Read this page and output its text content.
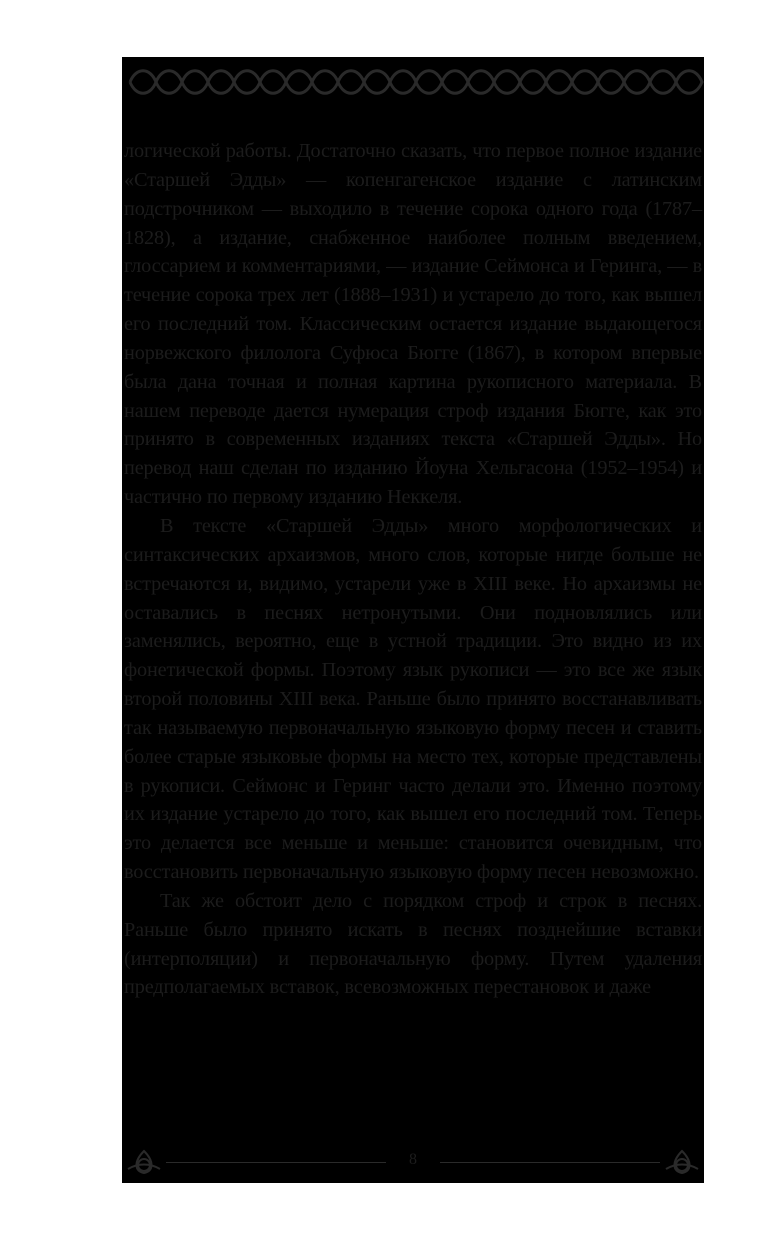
логической работы. Достаточно сказать, что первое полное издание «Старшей Эдды» — копенгагенское издание с латинским подстрочником — выходило в течение сорока одного года (1787–1828), а издание, снабженное наиболее полным введением, глоссарием и комментариями, — издание Сеймонса и Геринга, — в течение сорока трех лет (1888–1931) и устарело до того, как вышел его последний том. Классическим остается издание выдающегося норвежского филолога Суфюса Бюгге (1867), в котором впервые была дана точная и полная картина рукописного материала. В нашем переводе дается нумерация строф издания Бюгге, как это принято в современных изданиях текста «Старшей Эдды». Но перевод наш сделан по изданию Йоуна Хельгасона (1952–1954) и частично по первому изданию Неккеля.

В тексте «Старшей Эдды» много морфологических и синтаксических архаизмов, много слов, которые нигде больше не встречаются и, видимо, устарели уже в XIII веке. Но архаизмы не оставались в песнях нетронутыми. Они подновлялись или заменялись, вероятно, еще в устной традиции. Это видно из их фонетической формы. Поэтому язык рукописи — это все же язык второй половины XIII века. Раньше было принято восстанавливать так называемую первоначальную языковую форму песен и ставить более старые языковые формы на место тех, которые представлены в рукописи. Сеймонс и Геринг часто делали это. Именно поэтому их издание устарело до того, как вышел его последний том. Теперь это делается все меньше и меньше: становится очевидным, что восстановить первоначальную языковую форму песен невозможно.

Так же обстоит дело с порядком строф и строк в песнях. Раньше было принято искать в песнях позднейшие вставки (интерполяции) и первоначальную форму. Путем удаления предполагаемых вставок, всевозможных перестановок и даже

8
